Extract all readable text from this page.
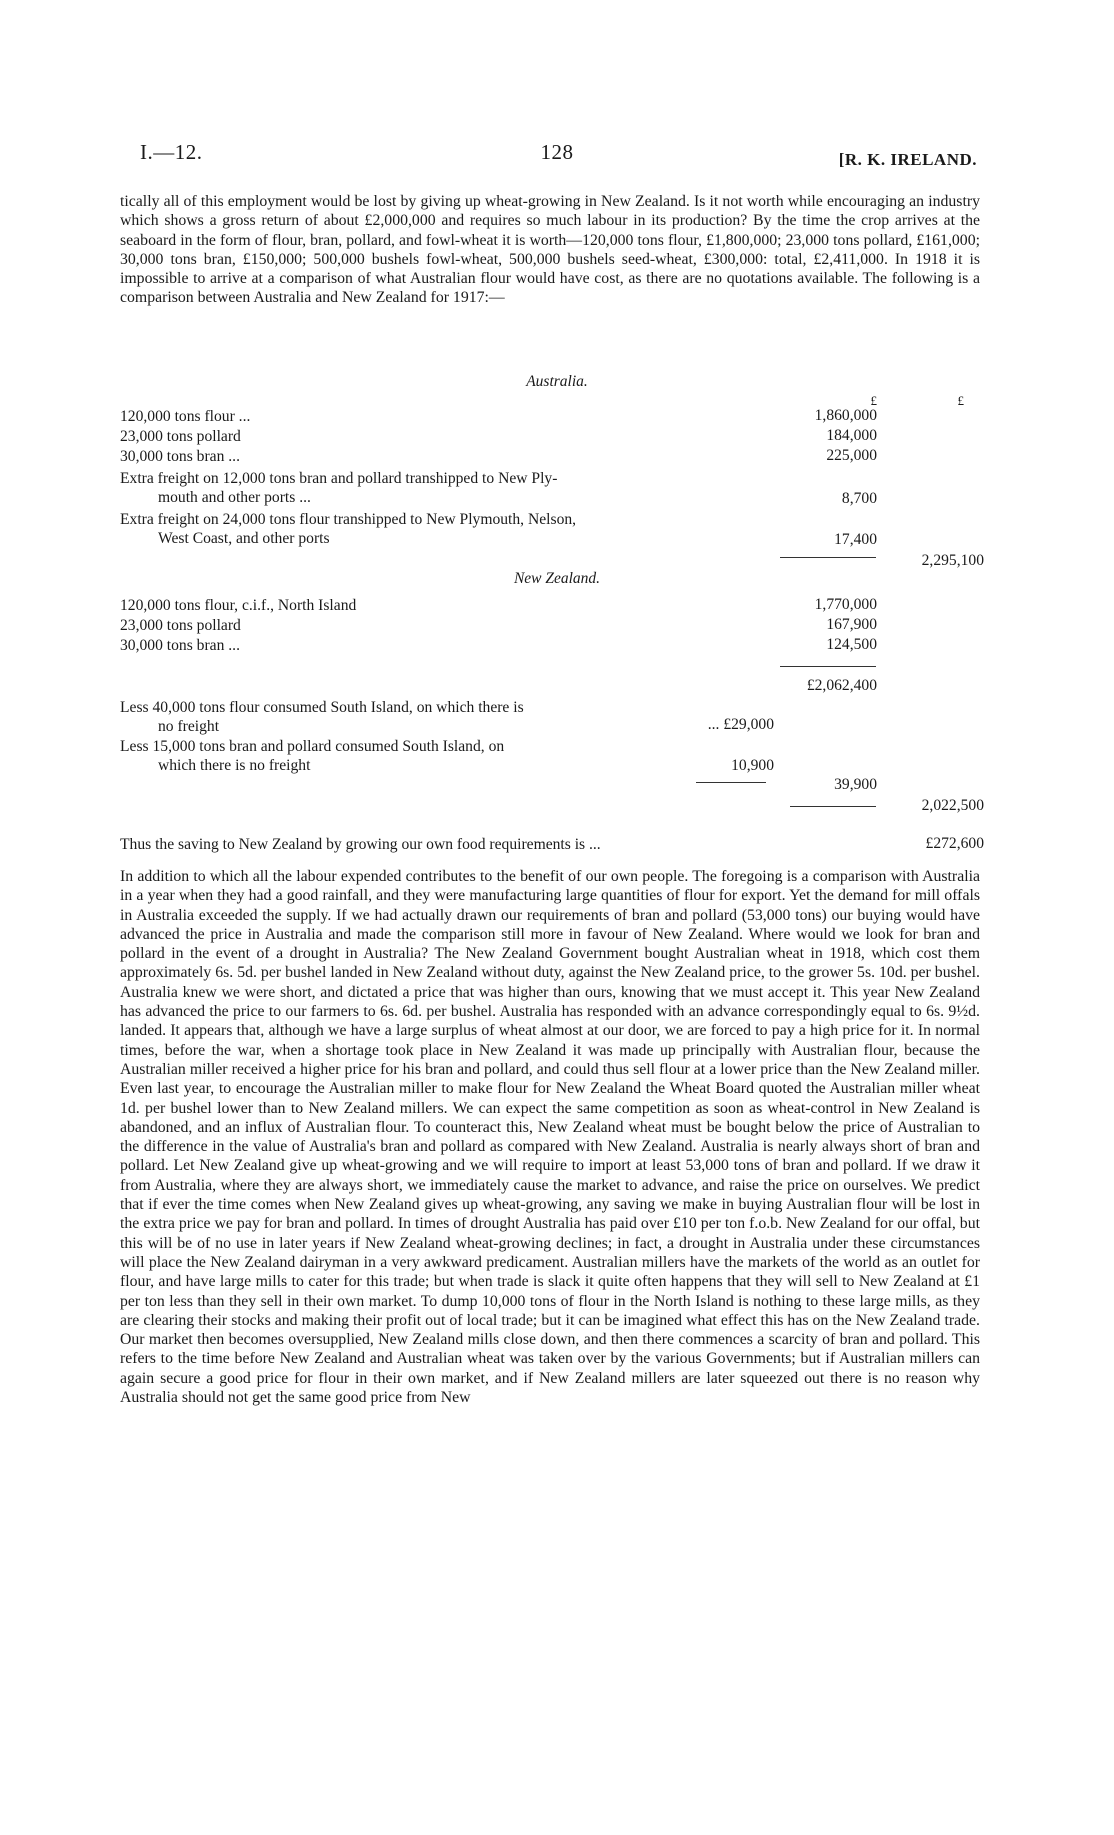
I.—12.	128	[R. K. IRELAND.

tically all of this employment would be lost by giving up wheat-growing in New Zealand. Is it not worth while encouraging an industry which shows a gross return of about £2,000,000 and requires so much labour in its production? By the time the crop arrives at the seaboard in the form of flour, bran, pollard, and fowl-wheat it is worth—120,000 tons flour, £1,800,000; 23,000 tons pollard, £161,000; 30,000 tons bran, £150,000; 500,000 bushels fowl-wheat, 500,000 bushels seed-wheat, £300,000: total, £2,411,000. In 1918 it is impossible to arrive at a comparison of what Australian flour would have cost, as there are no quotations available. The following is a comparison between Australia and New Zealand for 1917:—

Australia.
£	£
120,000 tons flour ...	1,860,000
23,000 tons pollard	184,000
30,000 tons bran ...	225,000
Extra freight on 12,000 tons bran and pollard transhipped to New Ply-
mouth and other ports ...	8,700
Extra freight on 24,000 tons flour transhipped to New Plymouth, Nelson,
West Coast, and other ports	17,400
2,295,100
New Zealand.
120,000 tons flour, c.i.f., North Island	1,770,000
23,000 tons pollard	167,900
30,000 tons bran ...	124,500
£2,062,400
Less 40,000 tons flour consumed South Island, on which there is
no freight	... £29,000
Less 15,000 tons bran and pollard consumed South Island, on
which there is no freight	10,900
39,900
2,022,500
Thus the saving to New Zealand by growing our own food requirements is ...	£272,600

In addition to which all the labour expended contributes to the benefit of our own people. The foregoing is a comparison with Australia in a year when they had a good rainfall, and they were manufacturing large quantities of flour for export. Yet the demand for mill offals in Australia exceeded the supply. If we had actually drawn our requirements of bran and pollard (53,000 tons) our buying would have advanced the price in Australia and made the comparison still more in favour of New Zealand. Where would we look for bran and pollard in the event of a drought in Australia? The New Zealand Government bought Australian wheat in 1918, which cost them approximately 6s. 5d. per bushel landed in New Zealand without duty, against the New Zealand price, to the grower 5s. 10d. per bushel. Australia knew we were short, and dictated a price that was higher than ours, knowing that we must accept it. This year New Zealand has advanced the price to our farmers to 6s. 6d. per bushel. Australia has responded with an advance correspondingly equal to 6s. 9½d. landed. It appears that, although we have a large surplus of wheat almost at our door, we are forced to pay a high price for it. In normal times, before the war, when a shortage took place in New Zealand it was made up principally with Australian flour, because the Australian miller received a higher price for his bran and pollard, and could thus sell flour at a lower price than the New Zealand miller. Even last year, to encourage the Australian miller to make flour for New Zealand the Wheat Board quoted the Australian miller wheat 1d. per bushel lower than to New Zealand millers. We can expect the same competition as soon as wheat-control in New Zealand is abandoned, and an influx of Australian flour. To counteract this, New Zealand wheat must be bought below the price of Australian to the difference in the value of Australia's bran and pollard as compared with New Zealand. Australia is nearly always short of bran and pollard. Let New Zealand give up wheat-growing and we will require to import at least 53,000 tons of bran and pollard. If we draw it from Australia, where they are always short, we immediately cause the market to advance, and raise the price on ourselves. We predict that if ever the time comes when New Zealand gives up wheat-growing, any saving we make in buying Australian flour will be lost in the extra price we pay for bran and pollard. In times of drought Australia has paid over £10 per ton f.o.b. New Zealand for our offal, but this will be of no use in later years if New Zealand wheat-growing declines; in fact, a drought in Australia under these circumstances will place the New Zealand dairyman in a very awkward predicament. Australian millers have the markets of the world as an outlet for flour, and have large mills to cater for this trade; but when trade is slack it quite often happens that they will sell to New Zealand at £1 per ton less than they sell in their own market. To dump 10,000 tons of flour in the North Island is nothing to these large mills, as they are clearing their stocks and making their profit out of local trade; but it can be imagined what effect this has on the New Zealand trade. Our market then becomes oversupplied, New Zealand mills close down, and then there commences a scarcity of bran and pollard. This refers to the time before New Zealand and Australian wheat was taken over by the various Governments; but if Australian millers can again secure a good price for flour in their own market, and if New Zealand millers are later squeezed out there is no reason why Australia should not get the same good price from New
